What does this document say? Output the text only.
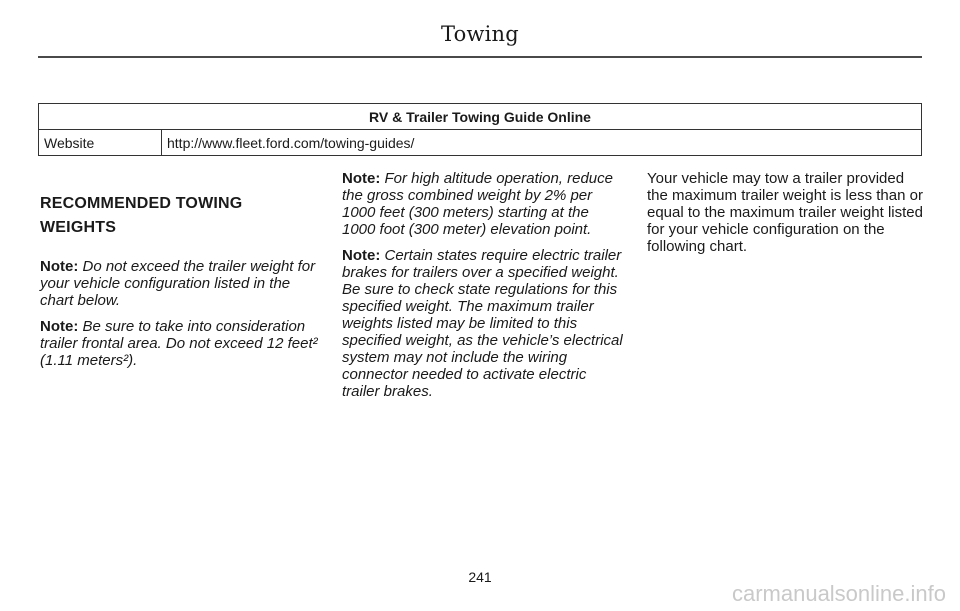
Towing
RV & Trailer Towing Guide Online
Website	http://www.fleet.ford.com/towing-guides/
RECOMMENDED TOWING
WEIGHTS

Note: Do not exceed the trailer weight for your vehicle configuration listed in the chart below.

Note: Be sure to take into consideration trailer frontal area. Do not exceed 12 feet² (1.11 meters²).

Note: For high altitude operation, reduce the gross combined weight by 2% per 1000 feet (300 meters) starting at the 1000 foot (300 meter) elevation point.

Note: Certain states require electric trailer brakes for trailers over a specified weight. Be sure to check state regulations for this specified weight. The maximum trailer weights listed may be limited to this specified weight, as the vehicle’s electrical system may not include the wiring connector needed to activate electric trailer brakes.

Your vehicle may tow a trailer provided the maximum trailer weight is less than or equal to the maximum trailer weight listed for your vehicle configuration on the following chart.

241
carmanualsonline.info
